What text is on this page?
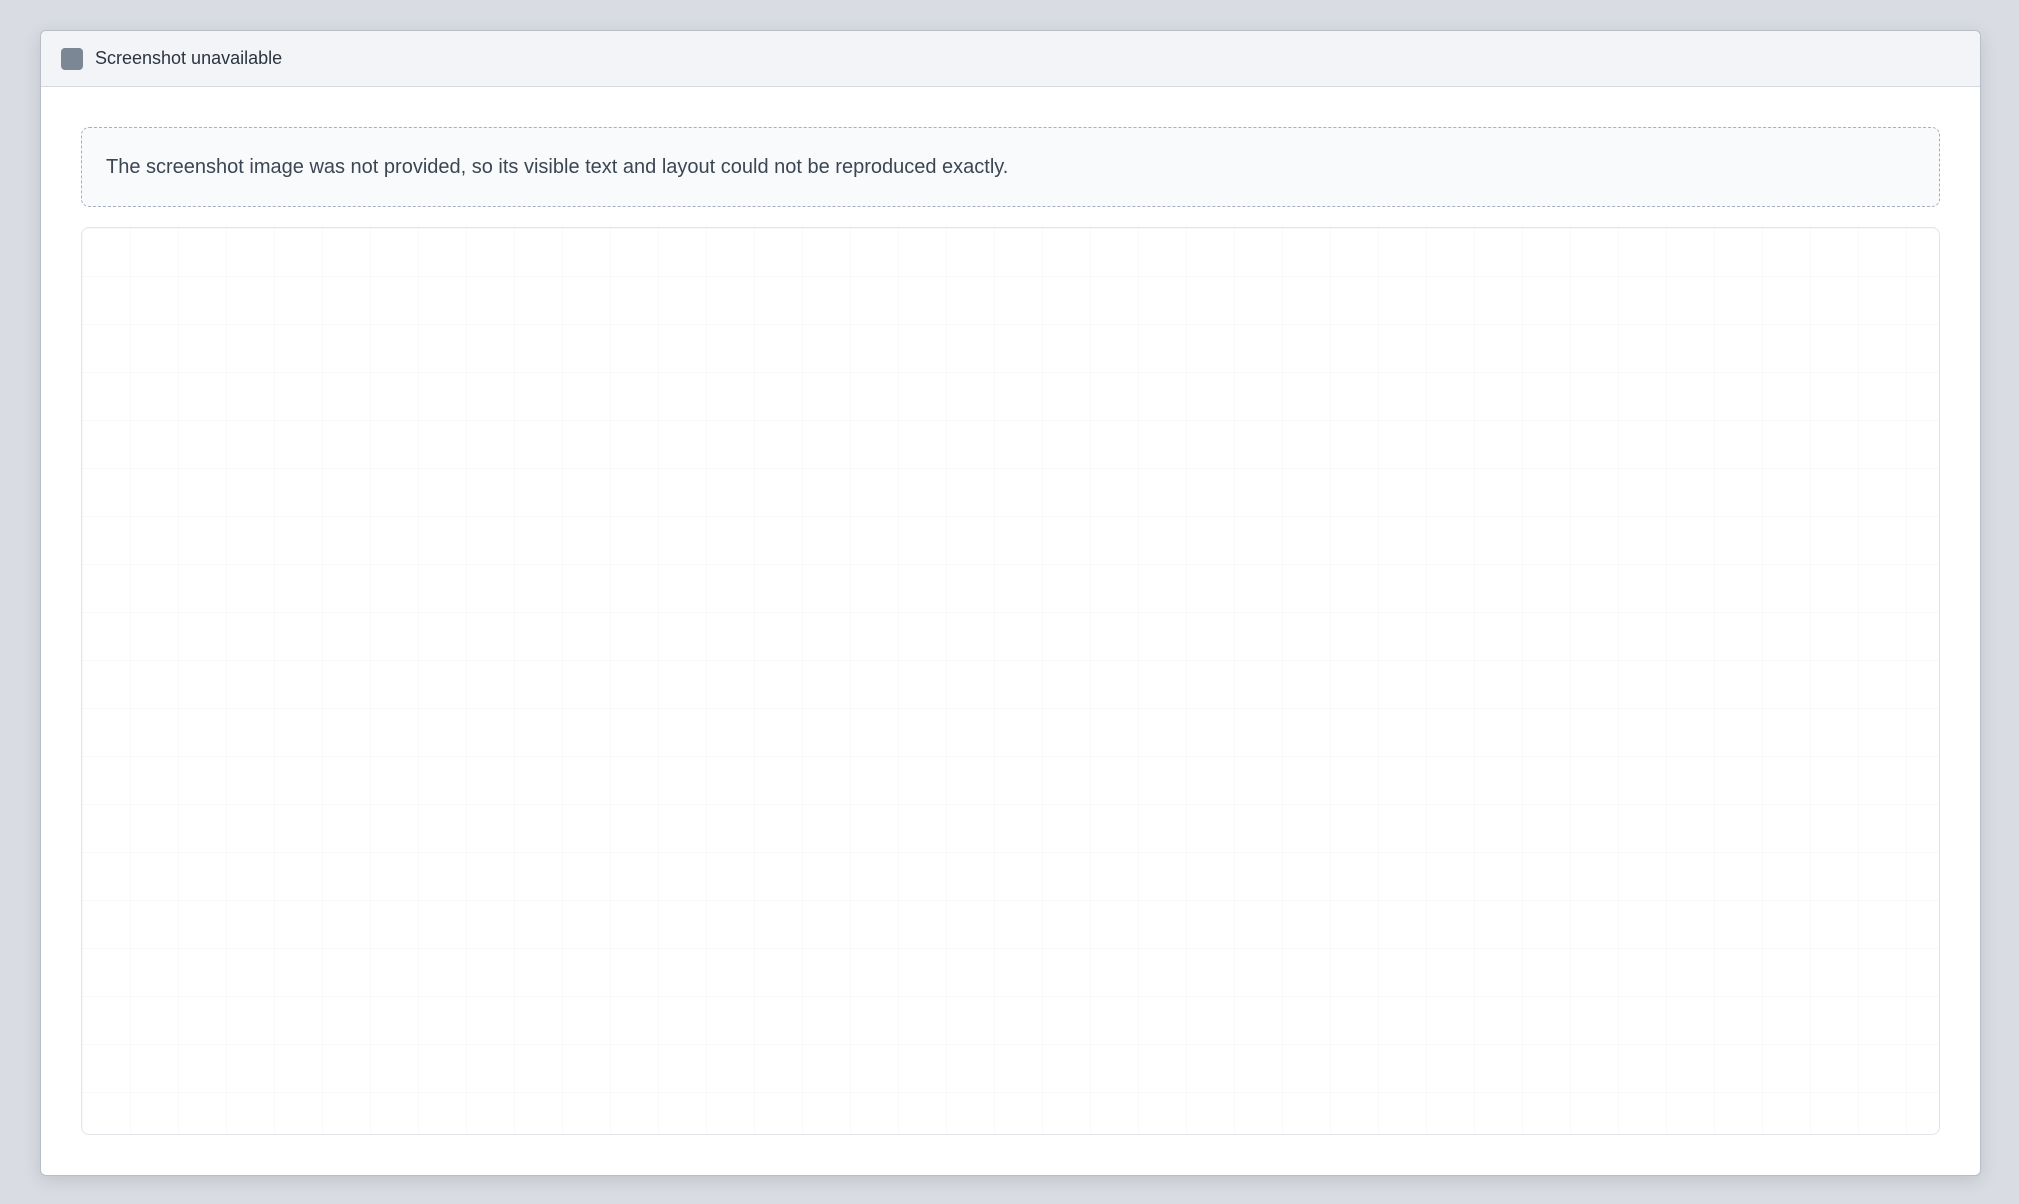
Screenshot unavailable
The screenshot image was not provided, so its visible text and layout could not be reproduced exactly.
